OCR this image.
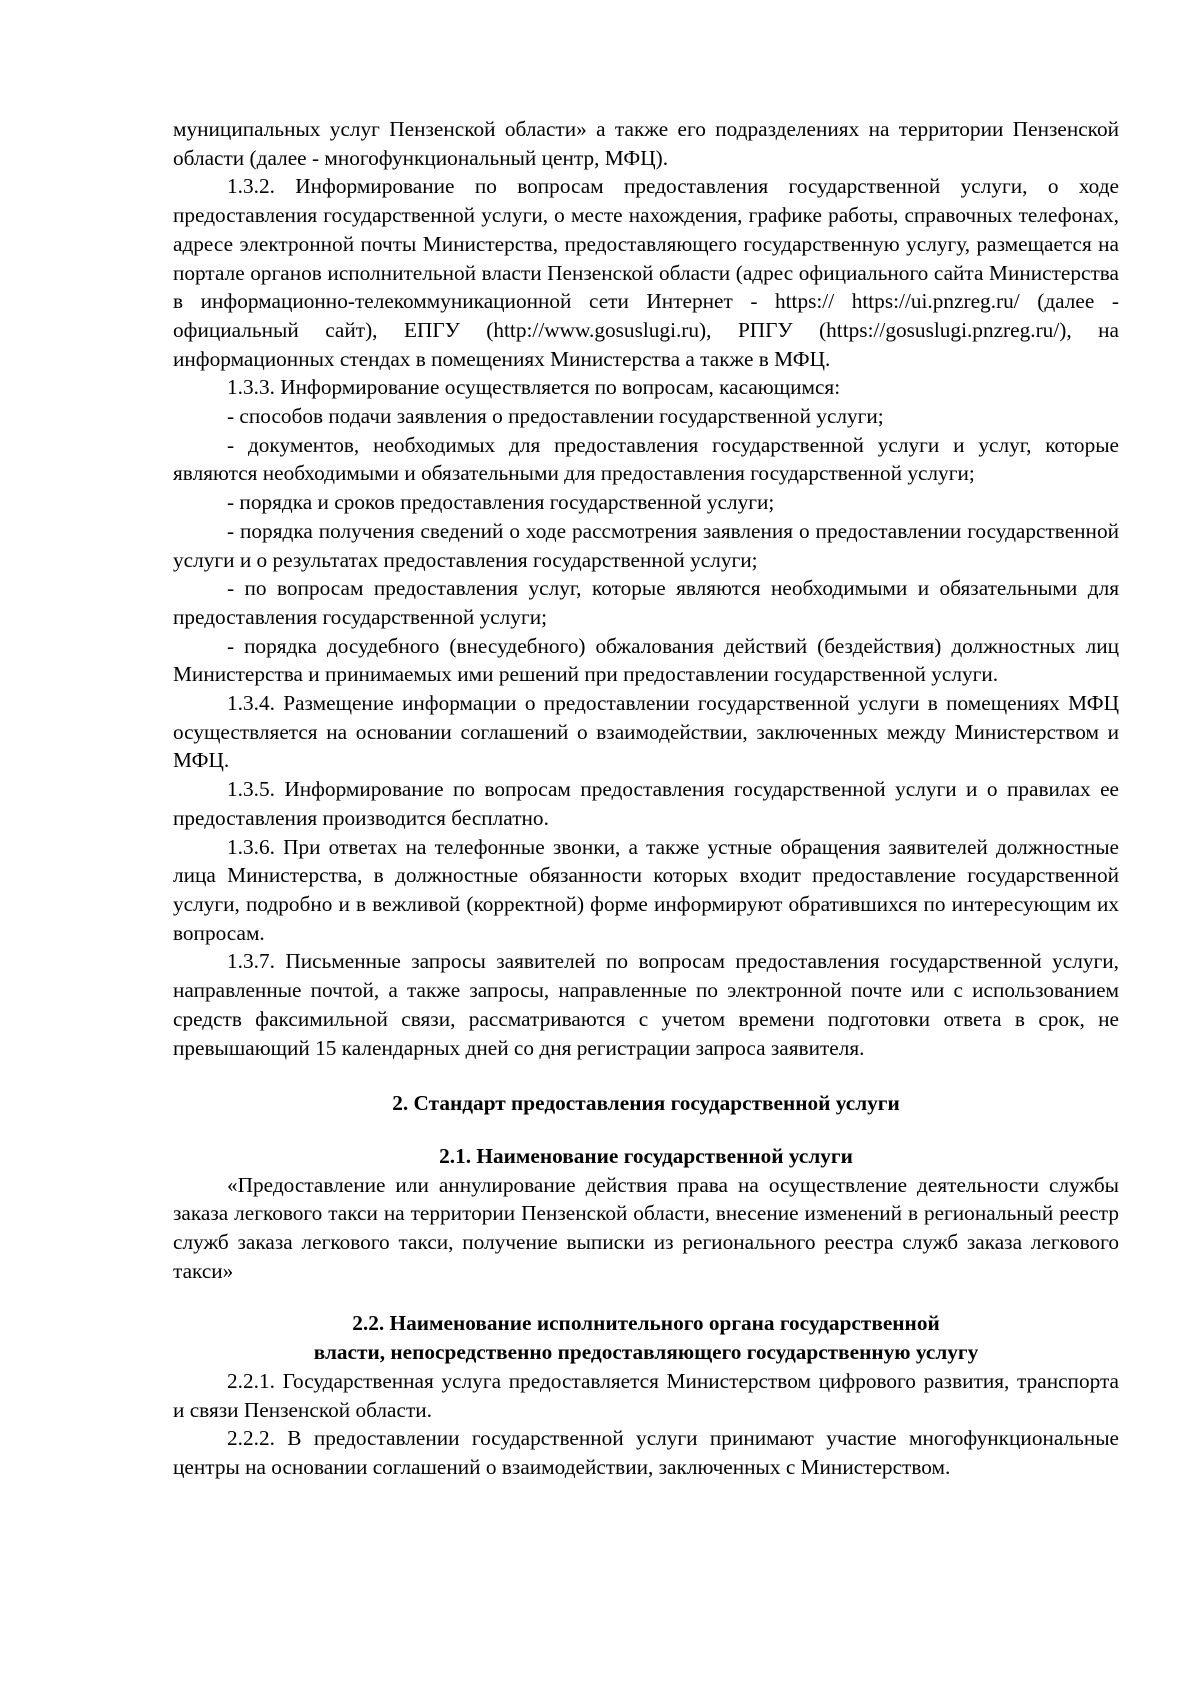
муниципальных услуг Пензенской области» а также его подразделениях на территории Пензенской области (далее - многофункциональный центр, МФЦ).

1.3.2. Информирование по вопросам предоставления государственной услуги, о ходе предоставления государственной услуги, о месте нахождения, графике работы, справочных телефонах, адресе электронной почты Министерства, предоставляющего государственную услугу, размещается на портале органов исполнительной власти Пензенской области (адрес официального сайта Министерства в информационно-телекоммуникационной сети Интернет - https:// https://ui.pnzreg.ru/ (далее - официальный сайт), ЕПГУ (http://www.gosuslugi.ru), РПГУ (https://gosuslugi.pnzreg.ru/), на информационных стендах в помещениях Министерства а также в МФЦ.

1.3.3. Информирование осуществляется по вопросам, касающимся:

- способов подачи заявления о предоставлении государственной услуги;

- документов, необходимых для предоставления государственной услуги и услуг, которые являются необходимыми и обязательными для предоставления государственной услуги;

- порядка и сроков предоставления государственной услуги;

- порядка получения сведений о ходе рассмотрения заявления о предоставлении государственной услуги и о результатах предоставления государственной услуги;

- по вопросам предоставления услуг, которые являются необходимыми и обязательными для предоставления государственной услуги;

- порядка досудебного (внесудебного) обжалования действий (бездействия) должностных лиц Министерства и принимаемых ими решений при предоставлении государственной услуги.

1.3.4. Размещение информации о предоставлении государственной услуги в помещениях МФЦ осуществляется на основании соглашений о взаимодействии, заключенных между Министерством и МФЦ.

1.3.5. Информирование по вопросам предоставления государственной услуги и о правилах ее предоставления производится бесплатно.

1.3.6. При ответах на телефонные звонки, а также устные обращения заявителей должностные лица Министерства, в должностные обязанности которых входит предоставление государственной услуги, подробно и в вежливой (корректной) форме информируют обратившихся по интересующим их вопросам.

1.3.7. Письменные запросы заявителей по вопросам предоставления государственной услуги, направленные почтой, а также запросы, направленные по электронной почте или с использованием средств факсимильной связи, рассматриваются с учетом времени подготовки ответа в срок, не превышающий 15 календарных дней со дня регистрации запроса заявителя.

2. Стандарт предоставления государственной услуги

2.1. Наименование государственной услуги

«Предоставление или аннулирование действия права на осуществление деятельности службы заказа легкового такси на территории Пензенской области, внесение изменений в региональный реестр служб заказа легкового такси, получение выписки из регионального реестра служб заказа легкового такси»

2.2. Наименование исполнительного органа государственной

власти, непосредственно предоставляющего государственную услугу

2.2.1. Государственная услуга предоставляется Министерством цифрового развития, транспорта и связи Пензенской области.

2.2.2. В предоставлении государственной услуги принимают участие многофункциональные центры на основании соглашений о взаимодействии, заключенных с Министерством.
